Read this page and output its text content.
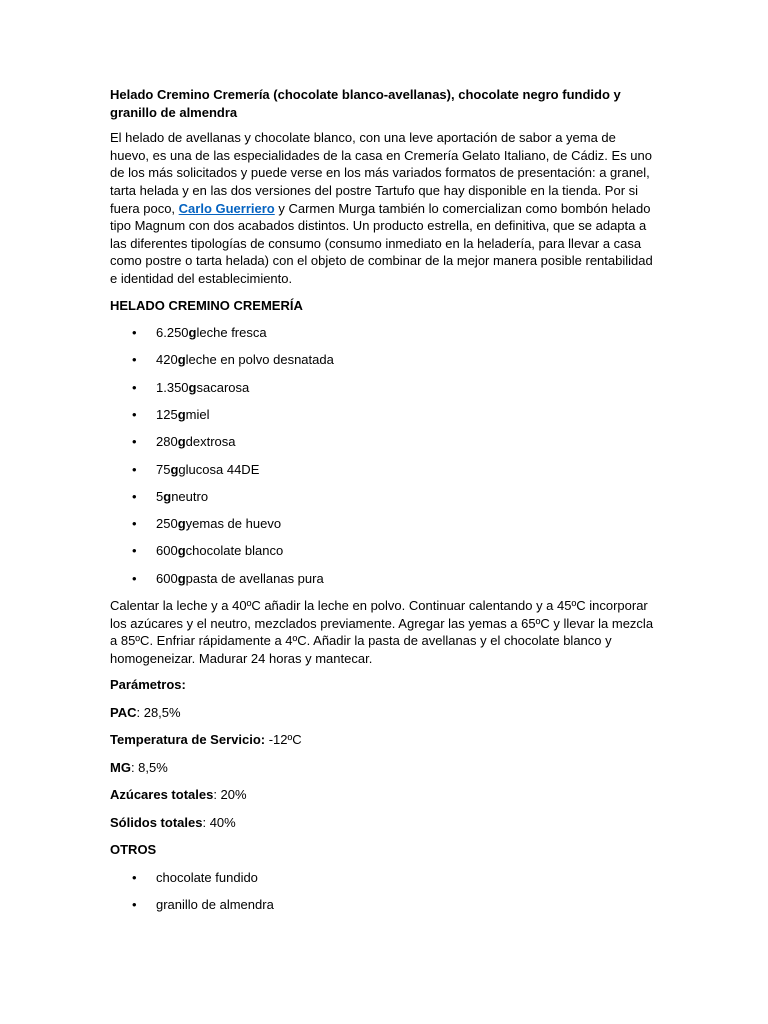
Helado Cremino Cremería (chocolate blanco-avellanas), chocolate negro fundido y granillo de almendra

El helado de avellanas y chocolate blanco, con una leve aportación de sabor a yema de huevo, es una de las especialidades de la casa en Cremería Gelato Italiano, de Cádiz. Es uno de los más solicitados y puede verse en los más variados formatos de presentación: a granel, tarta helada y en las dos versiones del postre Tartufo que hay disponible en la tienda. Por si fuera poco, Carlo Guerriero y Carmen Murga también lo comercializan como bombón helado tipo Magnum con dos acabados distintos. Un producto estrella, en definitiva, que se adapta a las diferentes tipologías de consumo (consumo inmediato en la heladería, para llevar a casa como postre o tarta helada) con el objeto de combinar de la mejor manera posible rentabilidad e identidad del establecimiento.

HELADO CREMINO CREMERÍA
• 6.250gleche fresca
• 420gleche en polvo desnatada
• 1.350gsacarosa
• 125gmiel
• 280gdextrosa
• 75gglucosa 44DE
• 5gneutro
• 250gyemas de huevo
• 600gchocolate blanco
• 600gpasta de avellanas pura

Calentar la leche y a 40ºC añadir la leche en polvo. Continuar calentando y a 45ºC incorporar los azúcares y el neutro, mezclados previamente. Agregar las yemas a 65ºC y llevar la mezcla a 85ºC. Enfriar rápidamente a 4ºC. Añadir la pasta de avellanas y el chocolate blanco y homogeneizar. Madurar 24 horas y mantecar.

Parámetros:
PAC: 28,5%
Temperatura de Servicio: -12ºC
MG: 8,5%
Azúcares totales: 20%
Sólidos totales: 40%
OTROS
• chocolate fundido
• granillo de almendra
